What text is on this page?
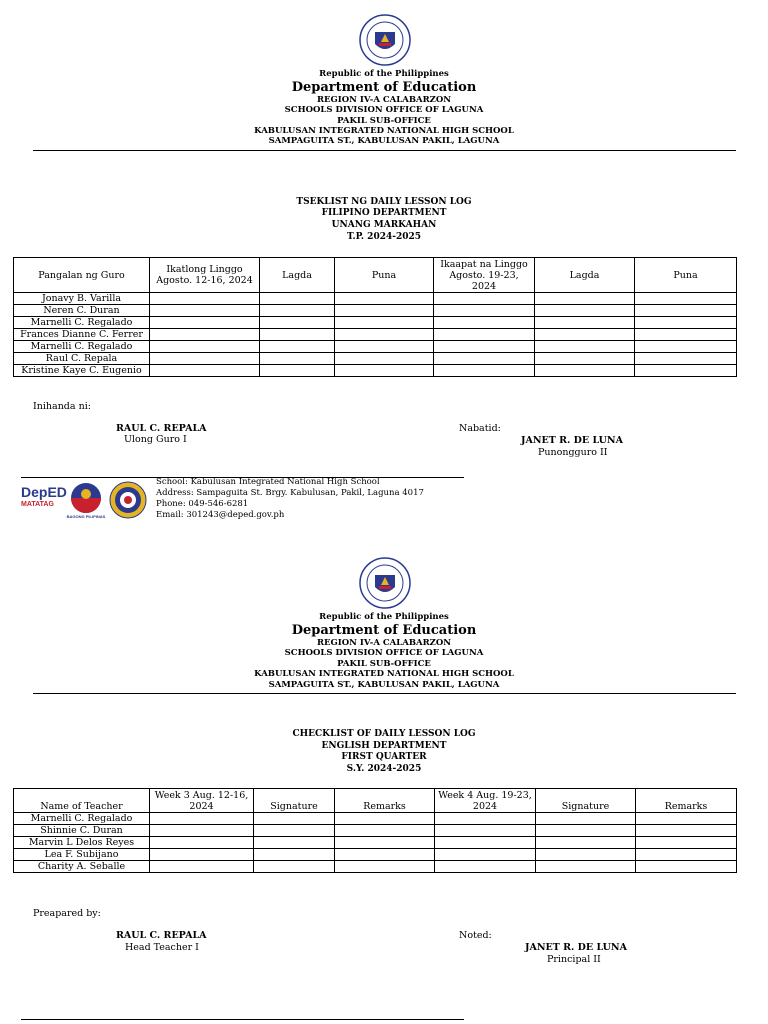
Republic of the Philippines
Department of Education
REGION IV-A CALABARZON
SCHOOLS DIVISION OFFICE OF LAGUNA
PAKIL SUB-OFFICE
KABULUSAN INTEGRATED NATIONAL HIGH SCHOOL
SAMPAGUITA ST., KABULUSAN PAKIL, LAGUNA
TSEKLIST NG DAILY LESSON LOG
FILIPINO DEPARTMENT
UNANG MARKAHAN
T.P. 2024-2025
Pangalan ng Guro	Ikatlong Linggo Agosto. 12-16, 2024	Lagda	Puna	Ikaapat na Linggo Agosto. 19-23, 2024	Lagda	Puna
Jonavy B. Varilla						
Neren C. Duran						
Marnelli C. Regalado						
Frances Dianne C. Ferrer						
Marnelli C. Regalado						
Raul C. Repala						
Kristine Kaye C. Eugenio						
Inihanda ni:
RAUL C. REPALA
Ulong Guro I
Nabatid:
JANET R. DE LUNA
Punongguro II
DepED
MATATAG
BAGONG PILIPINAS
School: Kabulusan Integrated National High School
Address: Sampaguita St. Brgy. Kabulusan, Pakil, Laguna 4017
Phone: 049-546-6281
Email: 301243@deped.gov.ph
Republic of the Philippines
Department of Education
REGION IV-A CALABARZON
SCHOOLS DIVISION OFFICE OF LAGUNA
PAKIL SUB-OFFICE
KABULUSAN INTEGRATED NATIONAL HIGH SCHOOL
SAMPAGUITA ST., KABULUSAN PAKIL, LAGUNA
CHECKLIST OF DAILY LESSON LOG
ENGLISH DEPARTMENT
FIRST QUARTER
S.Y. 2024-2025
Name of Teacher	Week 3 Aug. 12-16, 2024	Signature	Remarks	Week 4 Aug. 19-23, 2024	Signature	Remarks
Marnelli C. Regalado						
Shinnie C. Duran						
Marvin L Delos Reyes						
Lea F. Subijano						
Charity A. Seballe						
Preapared by:
RAUL C. REPALA
Head Teacher I
Noted:
JANET R. DE LUNA
Principal II
